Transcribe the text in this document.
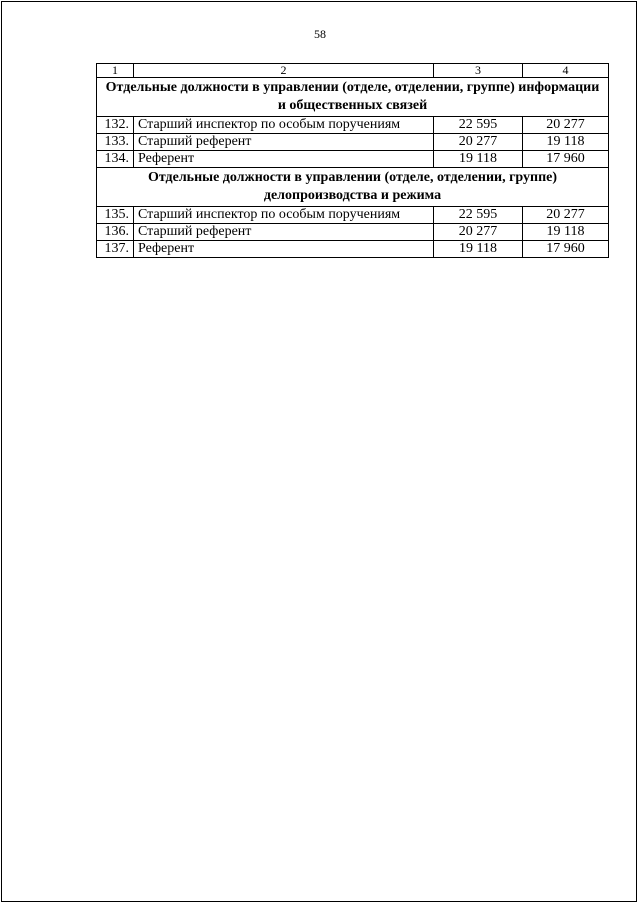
58
1	2	3	4
Отдельные должности в управлении (отделе, отделении, группе) информации и общественных связей			
132.	Старший инспектор по особым поручениям	22 595	20 277
133.	Старший референт	20 277	19 118
134.	Референт	19 118	17 960
Отдельные должности в управлении (отделе, отделении, группе) делопроизводства и режима			
135.	Старший инспектор по особым поручениям	22 595	20 277
136.	Старший референт	20 277	19 118
137.	Референт	19 118	17 960
